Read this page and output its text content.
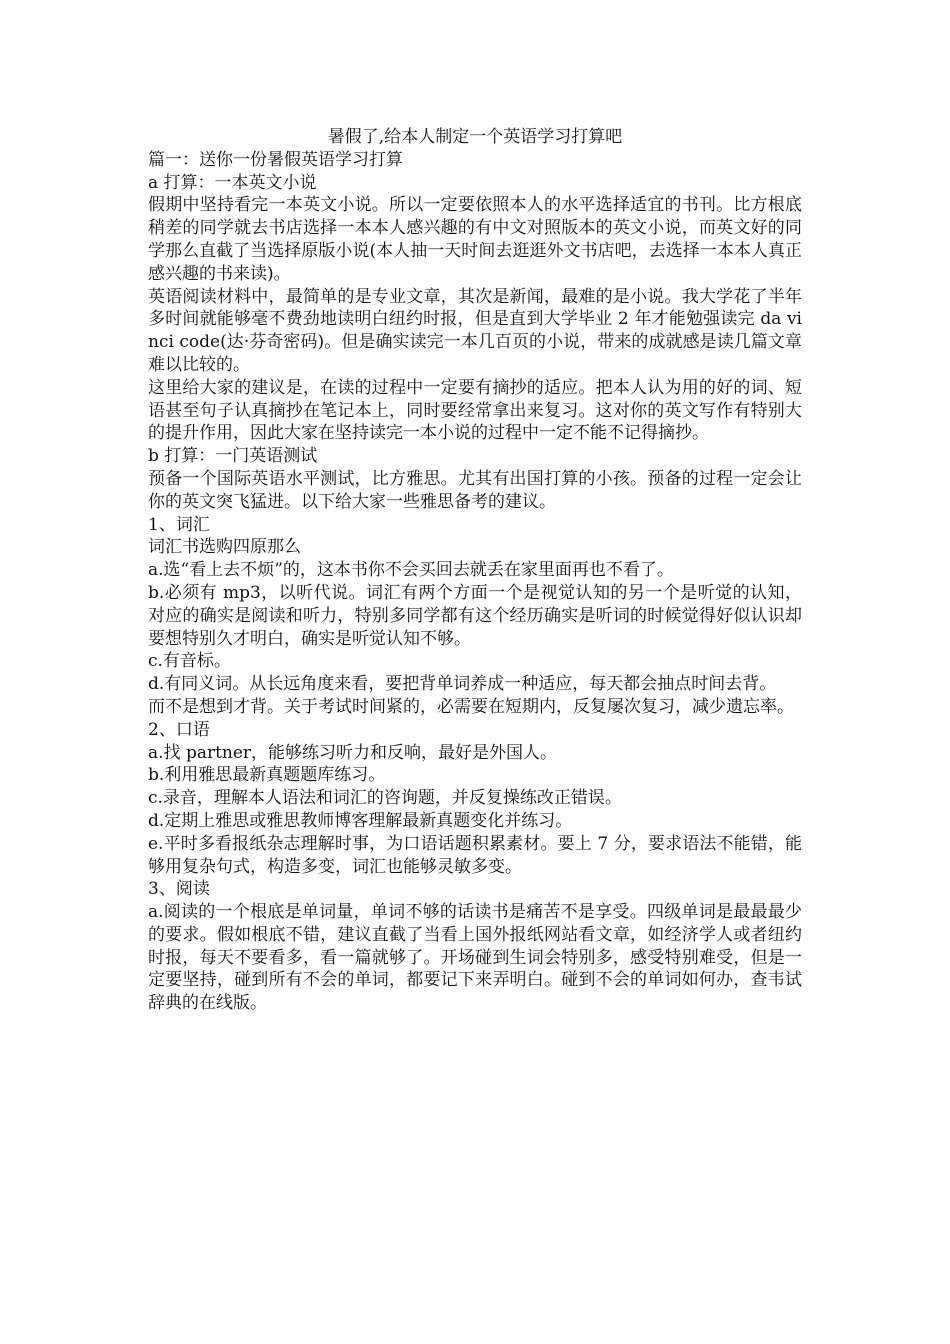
暑假了,给本人制定一个英语学习打算吧

篇一：送你一份暑假英语学习打算

a 打算：一本英文小说

假期中坚持看完一本英文小说。所以一定要依照本人的水平选择适宜的书刊。比方根底稍差的同学就去书店选择一本本人感兴趣的有中文对照版本的英文小说，而英文好的同学那么直截了当选择原版小说(本人抽一天时间去逛逛外文书店吧，去选择一本本人真正感兴趣的书来读)。

英语阅读材料中，最简单的是专业文章，其次是新闻，最难的是小说。我大学花了半年多时间就能够毫不费劲地读明白纽约时报，但是直到大学毕业 2 年才能勉强读完 da vinci code(达·芬奇密码)。但是确实读完一本几百页的小说，带来的成就感是读几篇文章难以比较的。

这里给大家的建议是，在读的过程中一定要有摘抄的适应。把本人认为用的好的词、短语甚至句子认真摘抄在笔记本上，同时要经常拿出来复习。这对你的英文写作有特别大的提升作用，因此大家在坚持读完一本小说的过程中一定不能不记得摘抄。

b 打算：一门英语测试

预备一个国际英语水平测试，比方雅思。尤其有出国打算的小孩。预备的过程一定会让你的英文突飞猛进。以下给大家一些雅思备考的建议。

1、词汇

词汇书选购四原那么

a.选“看上去不烦”的，这本书你不会买回去就丢在家里面再也不看了。

b.必须有 mp3，以听代说。词汇有两个方面一个是视觉认知的另一个是听觉的认知，对应的确实是阅读和听力，特别多同学都有这个经历确实是听词的时候觉得好似认识却要想特别久才明白，确实是听觉认知不够。

c.有音标。

d.有同义词。从长远角度来看，要把背单词养成一种适应，每天都会抽点时间去背。

而不是想到才背。关于考试时间紧的，必需要在短期内，反复屡次复习，减少遗忘率。

2、口语

a.找 partner，能够练习听力和反响，最好是外国人。

b.利用雅思最新真题题库练习。

c.录音，理解本人语法和词汇的咨询题，并反复操练改正错误。

d.定期上雅思或雅思教师博客理解最新真题变化并练习。

e.平时多看报纸杂志理解时事，为口语话题积累素材。要上 7 分，要求语法不能错，能够用复杂句式，构造多变，词汇也能够灵敏多变。

3、阅读

a.阅读的一个根底是单词量，单词不够的话读书是痛苦不是享受。四级单词是最最最少的要求。假如根底不错，建议直截了当看上国外报纸网站看文章，如经济学人或者纽约时报，每天不要看多，看一篇就够了。开场碰到生词会特别多，感受特别难受，但是一定要坚持，碰到所有不会的单词，都要记下来弄明白。碰到不会的单词如何办，查韦试辞典的在线版。
